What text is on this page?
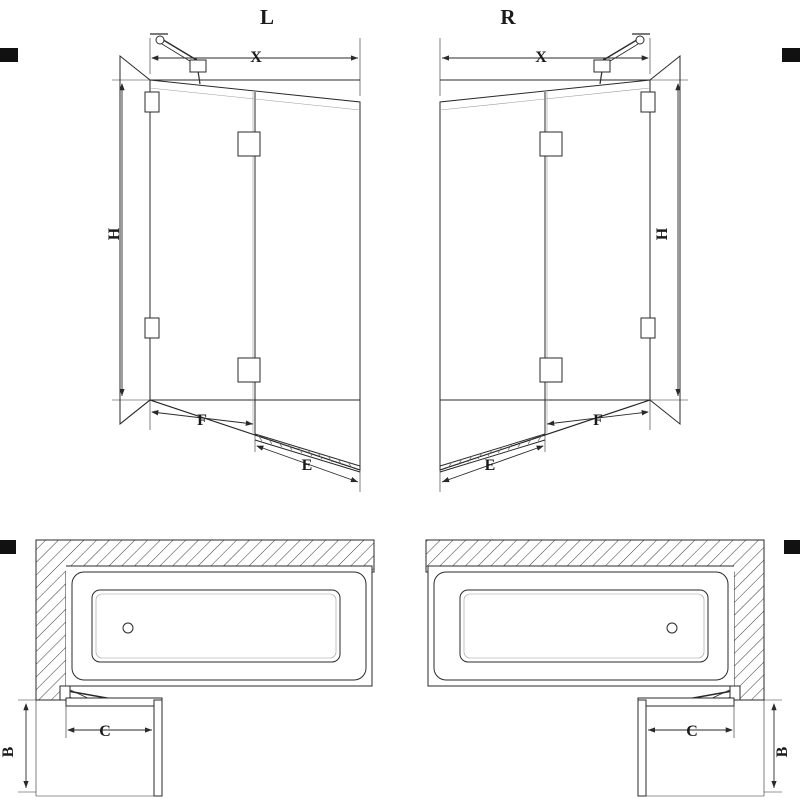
L	R
X	X
H	H
F
E
F
E
B	B
C	C
